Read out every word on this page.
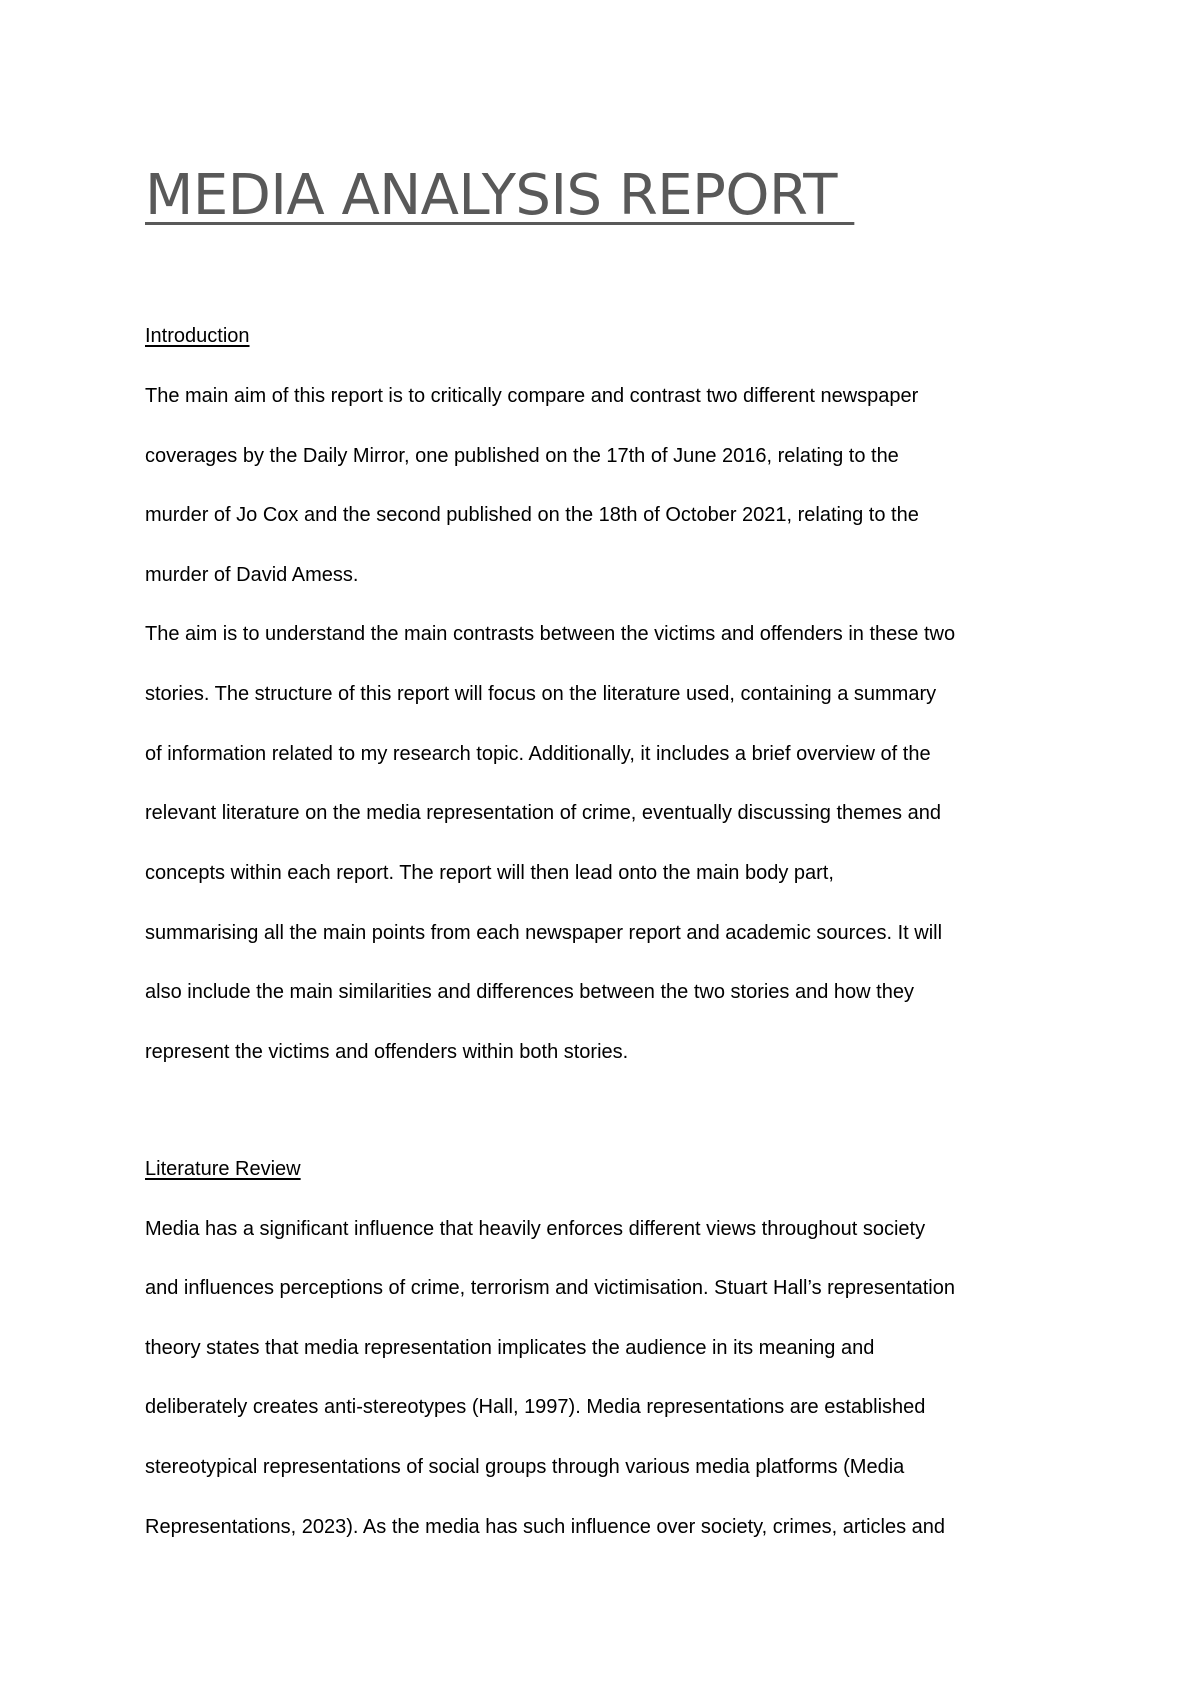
MEDIA ANALYSIS REPORT

Introduction

The main aim of this report is to critically compare and contrast two different newspaper

coverages by the Daily Mirror, one published on the 17th of June 2016, relating to the

murder of Jo Cox and the second published on the 18th of October 2021, relating to the

murder of David Amess.

The aim is to understand the main contrasts between the victims and offenders in these two

stories. The structure of this report will focus on the literature used, containing a summary

of information related to my research topic. Additionally, it includes a brief overview of the

relevant literature on the media representation of crime, eventually discussing themes and

concepts within each report. The report will then lead onto the main body part,

summarising all the main points from each newspaper report and academic sources. It will

also include the main similarities and differences between the two stories and how they

represent the victims and offenders within both stories.

Literature Review

Media has a significant influence that heavily enforces different views throughout society

and influences perceptions of crime, terrorism and victimisation. Stuart Hall’s representation

theory states that media representation implicates the audience in its meaning and

deliberately creates anti-stereotypes (Hall, 1997). Media representations are established

stereotypical representations of social groups through various media platforms (Media

Representations, 2023). As the media has such influence over society, crimes, articles and
